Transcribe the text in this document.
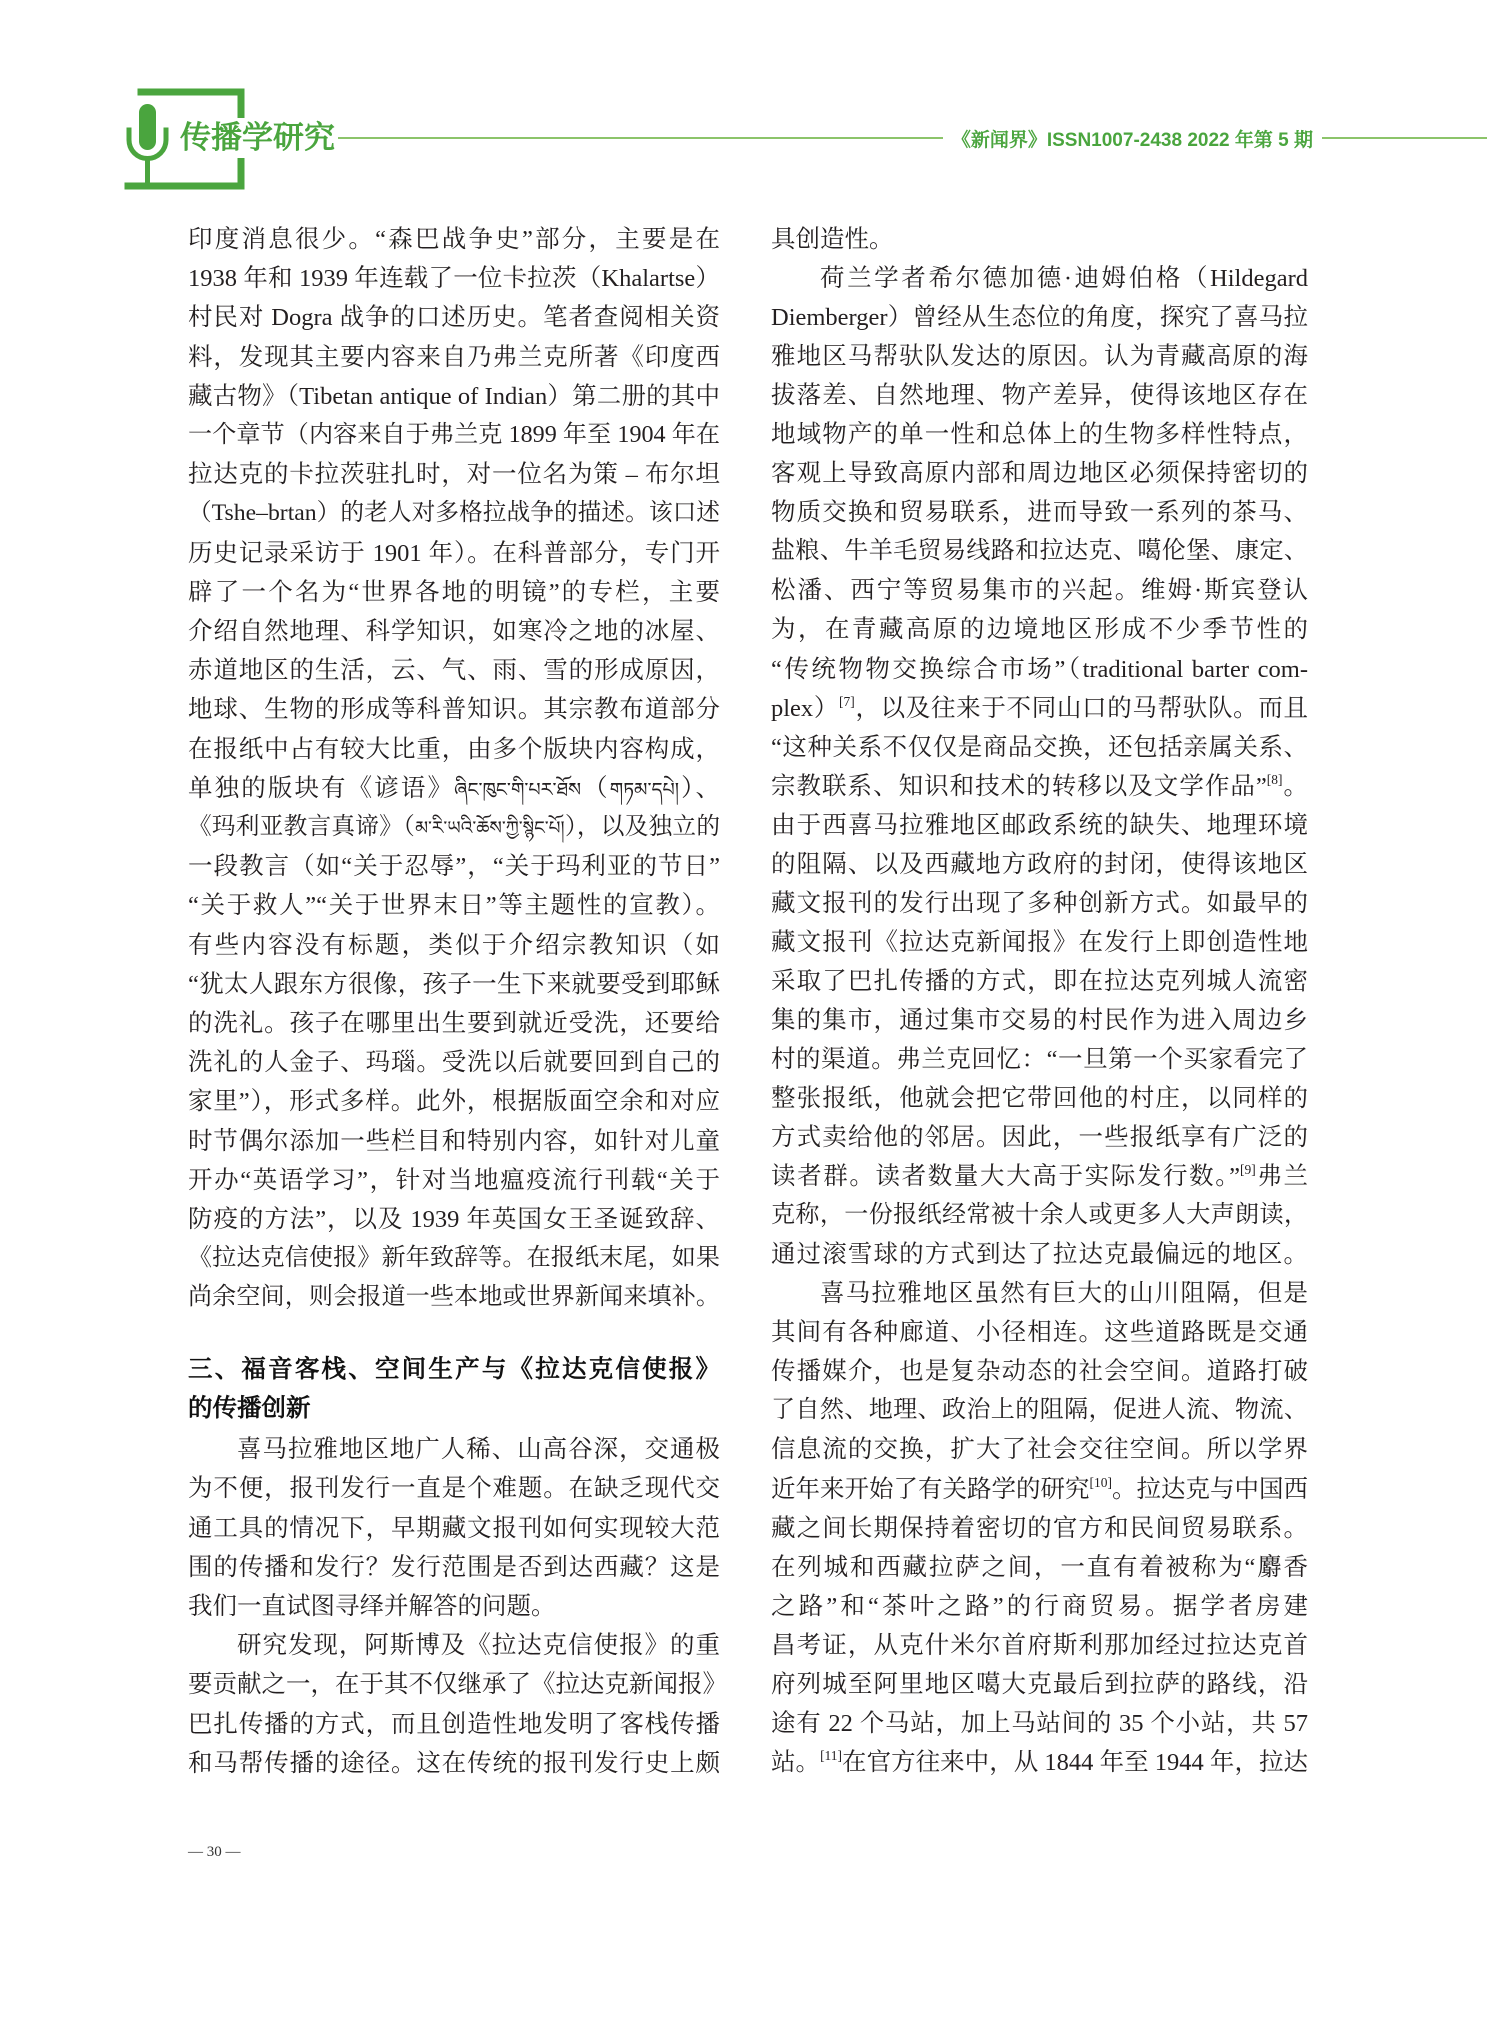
传播学研究	《新闻界》ISSN1007-2438 2022 年第 5 期
印度消息很少。“森巴战争史”部分，主要是在
1938 年和 1939 年连载了一位卡拉茨（Khalartse）
村民对 Dogra 战争的口述历史。笔者查阅相关资
料，发现其主要内容来自乃弗兰克所著《印度西
藏古物》（Tibetan antique of Indian）第二册的其中
一个章节（内容来自于弗兰克 1899 年至 1904 年在
拉达克的卡拉茨驻扎时，对一位名为策 – 布尔坦
（Tshe–brtan）的老人对多格拉战争的描述。该口述
历史记录采访于 1901 年）。在科普部分，专门开
辟了一个名为“世界各地的明镜”的专栏，主要
介绍自然地理、科学知识，如寒冷之地的冰屋、
赤道地区的生活，云、气、雨、雪的形成原因，
地球、生物的形成等科普知识。其宗教布道部分
在报纸中占有较大比重，由多个版块内容构成，
单独的版块有《谚语》ཞིང་ཁུང་གི་པར་ཐོས（གཏམ་དཔེ།）、
《玛利亚教言真谛》（མ་རི་ཡའི་ཆོས་ཀྱི་སྙིང་པོ།），以及独立的
一段教言（如“关于忍辱”，“关于玛利亚的节日”
“关于救人”“关于世界末日”等主题性的宣教）。
有些内容没有标题，类似于介绍宗教知识（如
“犹太人跟东方很像，孩子一生下来就要受到耶稣
的洗礼。孩子在哪里出生要到就近受洗，还要给
洗礼的人金子、玛瑙。受洗以后就要回到自己的
家里”），形式多样。此外，根据版面空余和对应
时节偶尔添加一些栏目和特别内容，如针对儿童
开办“英语学习”，针对当地瘟疫流行刊载“关于
防疫的方法”，以及 1939 年英国女王圣诞致辞、
《拉达克信使报》新年致辞等。在报纸末尾，如果
尚余空间，则会报道一些本地或世界新闻来填补。
三、福音客栈、空间生产与《拉达克信使报》
的传播创新
喜马拉雅地区地广人稀、山高谷深，交通极
为不便，报刊发行一直是个难题。在缺乏现代交
通工具的情况下，早期藏文报刊如何实现较大范
围的传播和发行？发行范围是否到达西藏？这是
我们一直试图寻绎并解答的问题。
研究发现，阿斯博及《拉达克信使报》的重
要贡献之一，在于其不仅继承了《拉达克新闻报》
巴扎传播的方式，而且创造性地发明了客栈传播
和马帮传播的途径。这在传统的报刊发行史上颇
具创造性。
荷兰学者希尔德加德·迪姆伯格（Hildegard
Diemberger）曾经从生态位的角度，探究了喜马拉
雅地区马帮驮队发达的原因。认为青藏高原的海
拔落差、自然地理、物产差异，使得该地区存在
地域物产的单一性和总体上的生物多样性特点，
客观上导致高原内部和周边地区必须保持密切的
物质交换和贸易联系，进而导致一系列的茶马、
盐粮、牛羊毛贸易线路和拉达克、噶伦堡、康定、
松潘、西宁等贸易集市的兴起。维姆·斯宾登认
为，在青藏高原的边境地区形成不少季节性的
“传统物物交换综合市场”（traditional barter com-
plex）[7]，以及往来于不同山口的马帮驮队。而且
“这种关系不仅仅是商品交换，还包括亲属关系、
宗教联系、知识和技术的转移以及文学作品”[8]。
由于西喜马拉雅地区邮政系统的缺失、地理环境
的阻隔、以及西藏地方政府的封闭，使得该地区
藏文报刊的发行出现了多种创新方式。如最早的
藏文报刊《拉达克新闻报》在发行上即创造性地
采取了巴扎传播的方式，即在拉达克列城人流密
集的集市，通过集市交易的村民作为进入周边乡
村的渠道。弗兰克回忆：“一旦第一个买家看完了
整张报纸，他就会把它带回他的村庄，以同样的
方式卖给他的邻居。因此，一些报纸享有广泛的
读者群。读者数量大大高于实际发行数。”[9]弗兰
克称，一份报纸经常被十余人或更多人大声朗读，
通过滚雪球的方式到达了拉达克最偏远的地区。
喜马拉雅地区虽然有巨大的山川阻隔，但是
其间有各种廊道、小径相连。这些道路既是交通
传播媒介，也是复杂动态的社会空间。道路打破
了自然、地理、政治上的阻隔，促进人流、物流、
信息流的交换，扩大了社会交往空间。所以学界
近年来开始了有关路学的研究[10]。拉达克与中国西
藏之间长期保持着密切的官方和民间贸易联系。
在列城和西藏拉萨之间，一直有着被称为“麝香
之路”和“茶叶之路”的行商贸易。据学者房建
昌考证，从克什米尔首府斯利那加经过拉达克首
府列城至阿里地区噶大克最后到拉萨的路线，沿
途有 22 个马站，加上马站间的 35 个小站，共 57
站。[11]在官方往来中，从 1844 年至 1944 年，拉达
— 30 —
